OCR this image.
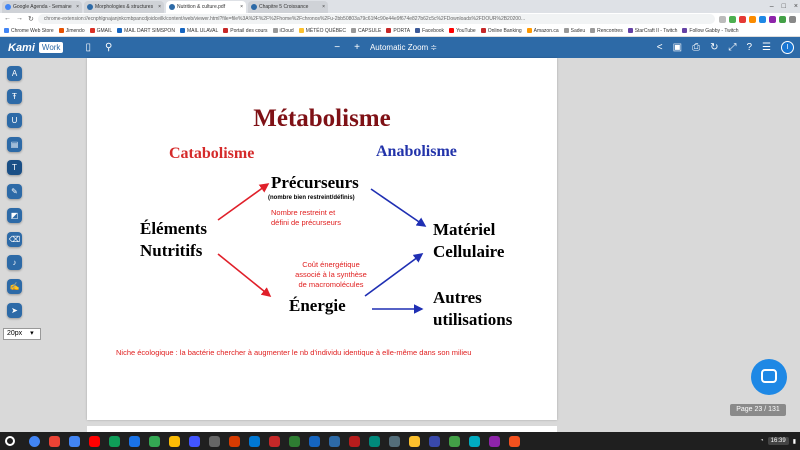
Google Agenda - Semaine ×	Morphologies & structures ×	Nutrition & culture.pdf	×	Chapitre 5 Croissance	×	– □ ×
← → ↻	chrome-extension://ecnphlgnajanjnkcmbpancdjoidceilk/content/web/viewer.html?file=file%3A%2F%2F%2Fhome%2Fchronos%2Fu-2bb50803a79c61f4c90e44e9f674e827b62c5c%2FDownloads%2FDOUR%2B20200...
Chrome Web Store Jimendo GMAIL MAIL DART SIMSPON MAIL ULAVAL Portail des cours iCloud MÉTÉO QUÉBEC CAPSULE PORTA Facebook YouTube Online Banking Amazon.ca Sadeu Rencontres StarCraft II - Twitch Follow Gabby - Twitch
Kami Work	▯ ⚲	− + Automatic Zoom ≑	< ▣ ⎙ ↻ ⤢ ? ☰	I
A
Ŧ
U
▤
T
✎
◩
⌫
♪
✍
➤
20px ▾
Métabolisme
Catabolisme	Anabolisme
Précurseurs
(nombre bien restreint/définis)
Nombre restreint et
défini de précurseurs
Éléments
Nutritifs
Matériel
Cellulaire
Coût énergétique
associé à la synthèse
de macromolécules
Énergie	Autres
utilisations
Niche écologique : la bactérie chercher à augmenter le nb d'individu identique à elle-même dans son milieu
Page 23 / 131
◔	16:39	▮
